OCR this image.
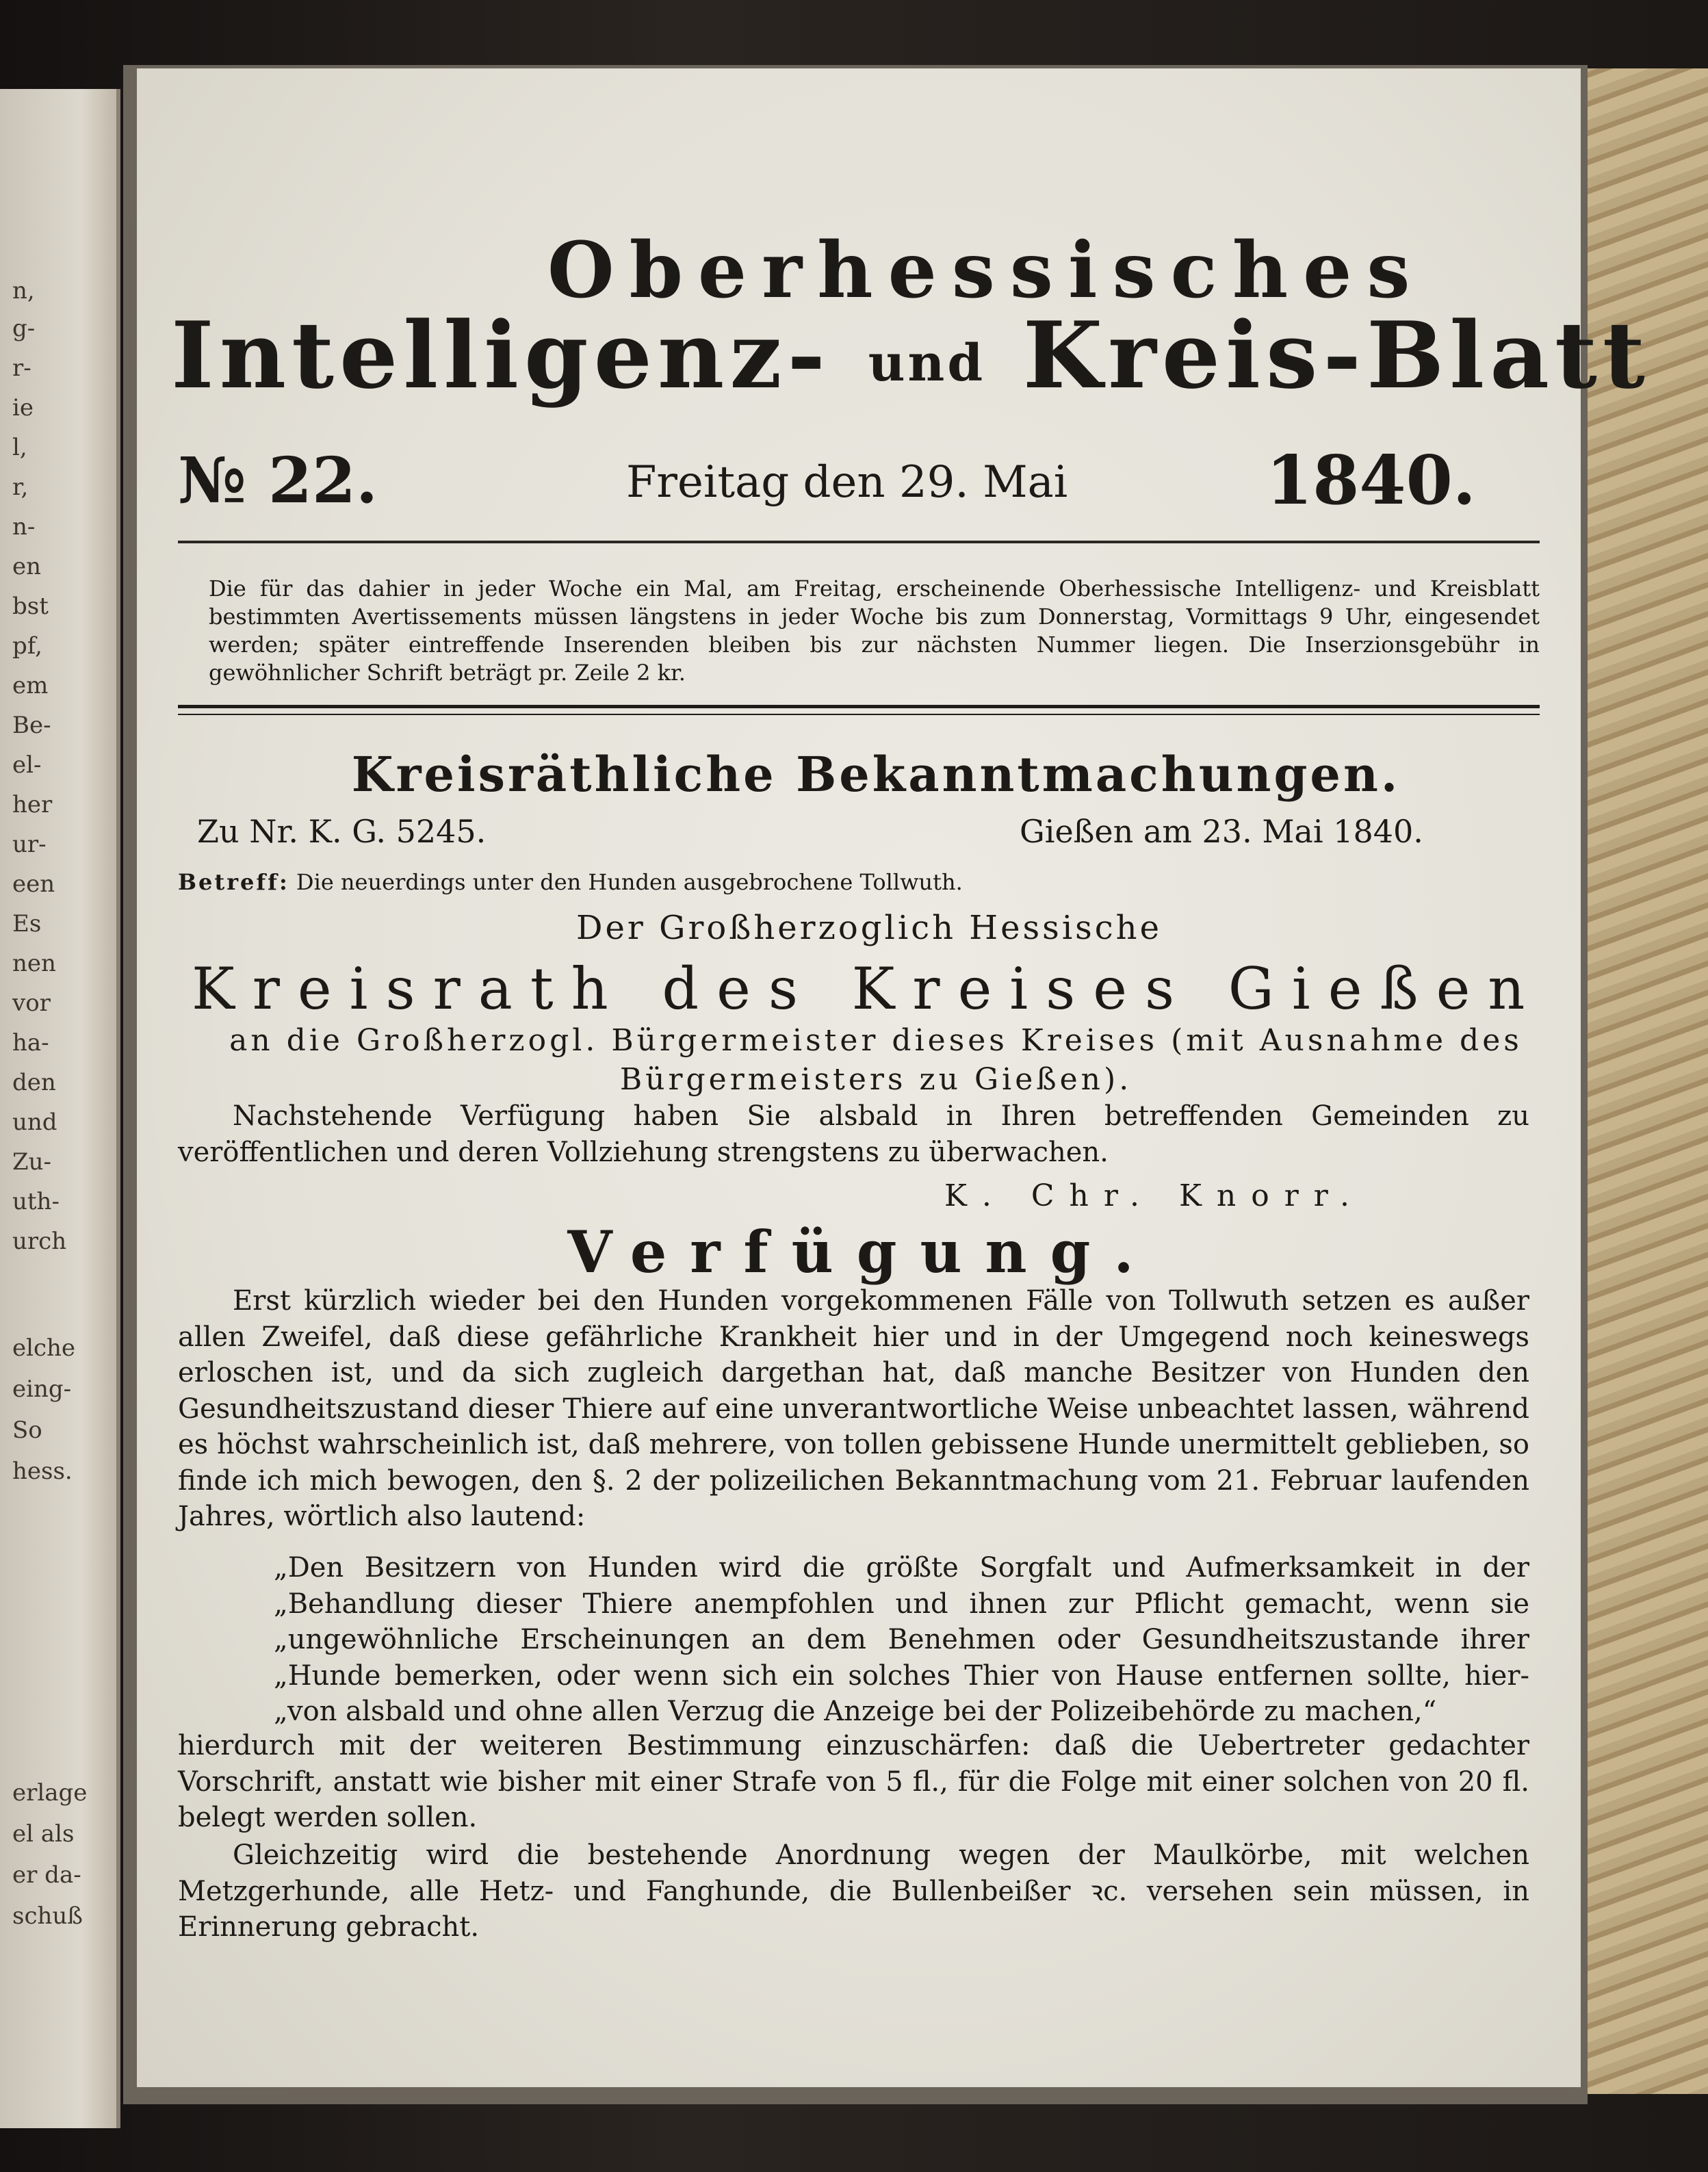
n,
g-
r-
ie
l,
r,
n-
en
bst
pf,
em
Be-
el-
her
ur-
een
Es
nen
vor
ha-
den
und
Zu-
uth-
urch
elche
eing-
So
hess.
erlage
el als
er da-
schuß
Oberhessisches
Intelligenz- und Kreis-Blatt
№ 22.	Freitag den 29. Mai	1840.
Die für das dahier in jeder Woche ein Mal, am Freitag, erscheinende Oberhessische Intelligenz- und Kreisblatt bestimmten Avertissements müssen längstens in jeder Woche bis zum Donnerstag, Vormittags 9 Uhr, eingesendet werden; später eintreffende Inserenden bleiben bis zur nächsten Nummer liegen. Die Inserzionsgebühr in gewöhnlicher Schrift beträgt pr. Zeile 2 kr.
Kreisräthliche Bekanntmachungen.
Zu Nr. K. G. 5245.	Gießen am 23. Mai 1840.
Betreff: Die neuerdings unter den Hunden ausgebrochene Tollwuth.
Der Großherzoglich Hessische
Kreisrath des Kreises Gießen
an die Großherzogl. Bürgermeister dieses Kreises (mit Ausnahme des
Bürgermeisters zu Gießen).

Nachstehende Verfügung haben Sie alsbald in Ihren betreffenden Gemeinden zu veröffentlichen und deren Vollziehung strengstens zu überwachen.

K. Chr. Knorr.
Verfügung.

Erst kürzlich wieder bei den Hunden vorgekommenen Fälle von Tollwuth setzen es außer allen Zweifel, daß diese gefährliche Krankheit hier und in der Umgegend noch keineswegs erloschen ist, und da sich zugleich dargethan hat, daß manche Besitzer von Hunden den Gesundheitszustand dieser Thiere auf eine unverantwortliche Weise unbeachtet lassen, während es höchst wahrscheinlich ist, daß mehrere, von tollen gebissene Hunde unermittelt geblieben, so finde ich mich bewogen, den §. 2 der polizeilichen Bekanntmachung vom 21. Februar laufenden Jahres, wörtlich also lautend:

„Den Besitzern von Hunden wird die größte Sorgfalt und Aufmerksamkeit in der „Behandlung dieser Thiere anempfohlen und ihnen zur Pflicht gemacht, wenn sie „ungewöhnliche Erscheinungen an dem Benehmen oder Gesundheitszustande ihrer „Hunde bemerken, oder wenn sich ein solches Thier von Hause entfernen sollte, hier- „von alsbald und ohne allen Verzug die Anzeige bei der Polizeibehörde zu machen,“

hierdurch mit der weiteren Bestimmung einzuschärfen: daß die Uebertreter gedachter Vorschrift, anstatt wie bisher mit einer Strafe von 5 fl., für die Folge mit einer solchen von 20 fl. belegt werden sollen.

Gleichzeitig wird die bestehende Anordnung wegen der Maulkörbe, mit welchen Metzgerhunde, alle Hetz- und Fanghunde, die Bullenbeißer ꝛc. versehen sein müssen, in Erinnerung gebracht.
